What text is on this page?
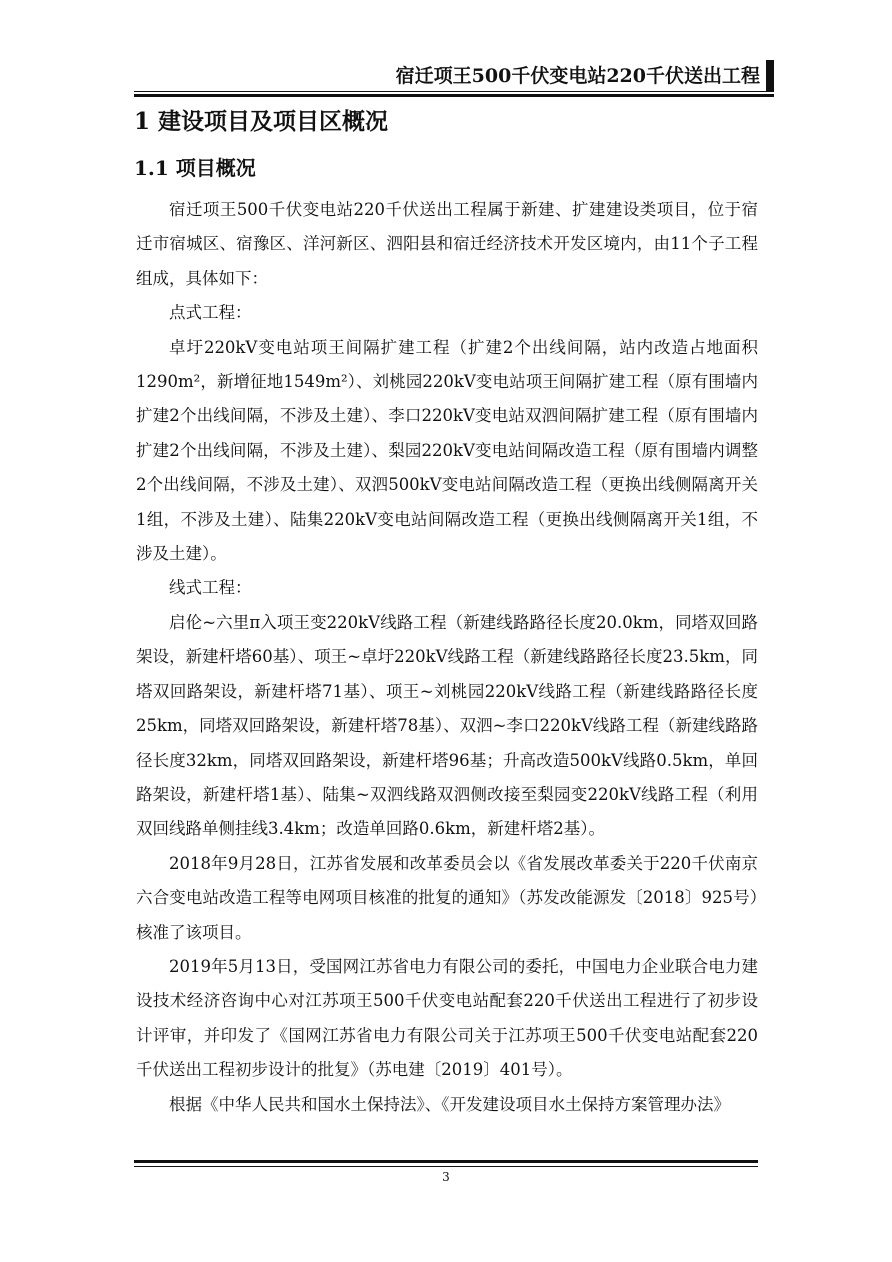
宿迁项王500千伏变电站220千伏送出工程
1 建设项目及项目区概况
1.1 项目概况

宿迁项王500千伏变电站220千伏送出工程属于新建、扩建建设类项目，位于宿迁市宿城区、宿豫区、洋河新区、泗阳县和宿迁经济技术开发区境内，由11个子工程组成，具体如下：

点式工程：

卓圩220kV变电站项王间隔扩建工程（扩建2个出线间隔，站内改造占地面积1290m²，新增征地1549m²）、刘桃园220kV变电站项王间隔扩建工程（原有围墙内扩建2个出线间隔，不涉及土建）、李口220kV变电站双泗间隔扩建工程（原有围墙内扩建2个出线间隔，不涉及土建）、梨园220kV变电站间隔改造工程（原有围墙内调整2个出线间隔，不涉及土建）、双泗500kV变电站间隔改造工程（更换出线侧隔离开关1组，不涉及土建）、陆集220kV变电站间隔改造工程（更换出线侧隔离开关1组，不涉及土建）。

线式工程：

启伦~六里π入项王变220kV线路工程（新建线路路径长度20.0km，同塔双回路架设，新建杆塔60基）、项王~卓圩220kV线路工程（新建线路路径长度23.5km，同塔双回路架设，新建杆塔71基）、项王~刘桃园220kV线路工程（新建线路路径长度25km，同塔双回路架设，新建杆塔78基）、双泗~李口220kV线路工程（新建线路路径长度32km，同塔双回路架设，新建杆塔96基；升高改造500kV线路0.5km，单回路架设，新建杆塔1基）、陆集~双泗线路双泗侧改接至梨园变220kV线路工程（利用双回线路单侧挂线3.4km；改造单回路0.6km，新建杆塔2基）。

2018年9月28日，江苏省发展和改革委员会以《省发展改革委关于220千伏南京六合变电站改造工程等电网项目核准的批复的通知》（苏发改能源发〔2018〕925号）核准了该项目。

2019年5月13日，受国网江苏省电力有限公司的委托，中国电力企业联合电力建设技术经济咨询中心对江苏项王500千伏变电站配套220千伏送出工程进行了初步设计评审，并印发了《国网江苏省电力有限公司关于江苏项王500千伏变电站配套220千伏送出工程初步设计的批复》（苏电建〔2019〕401号）。

根据《中华人民共和国水土保持法》、《开发建设项目水土保持方案管理办法》

3
